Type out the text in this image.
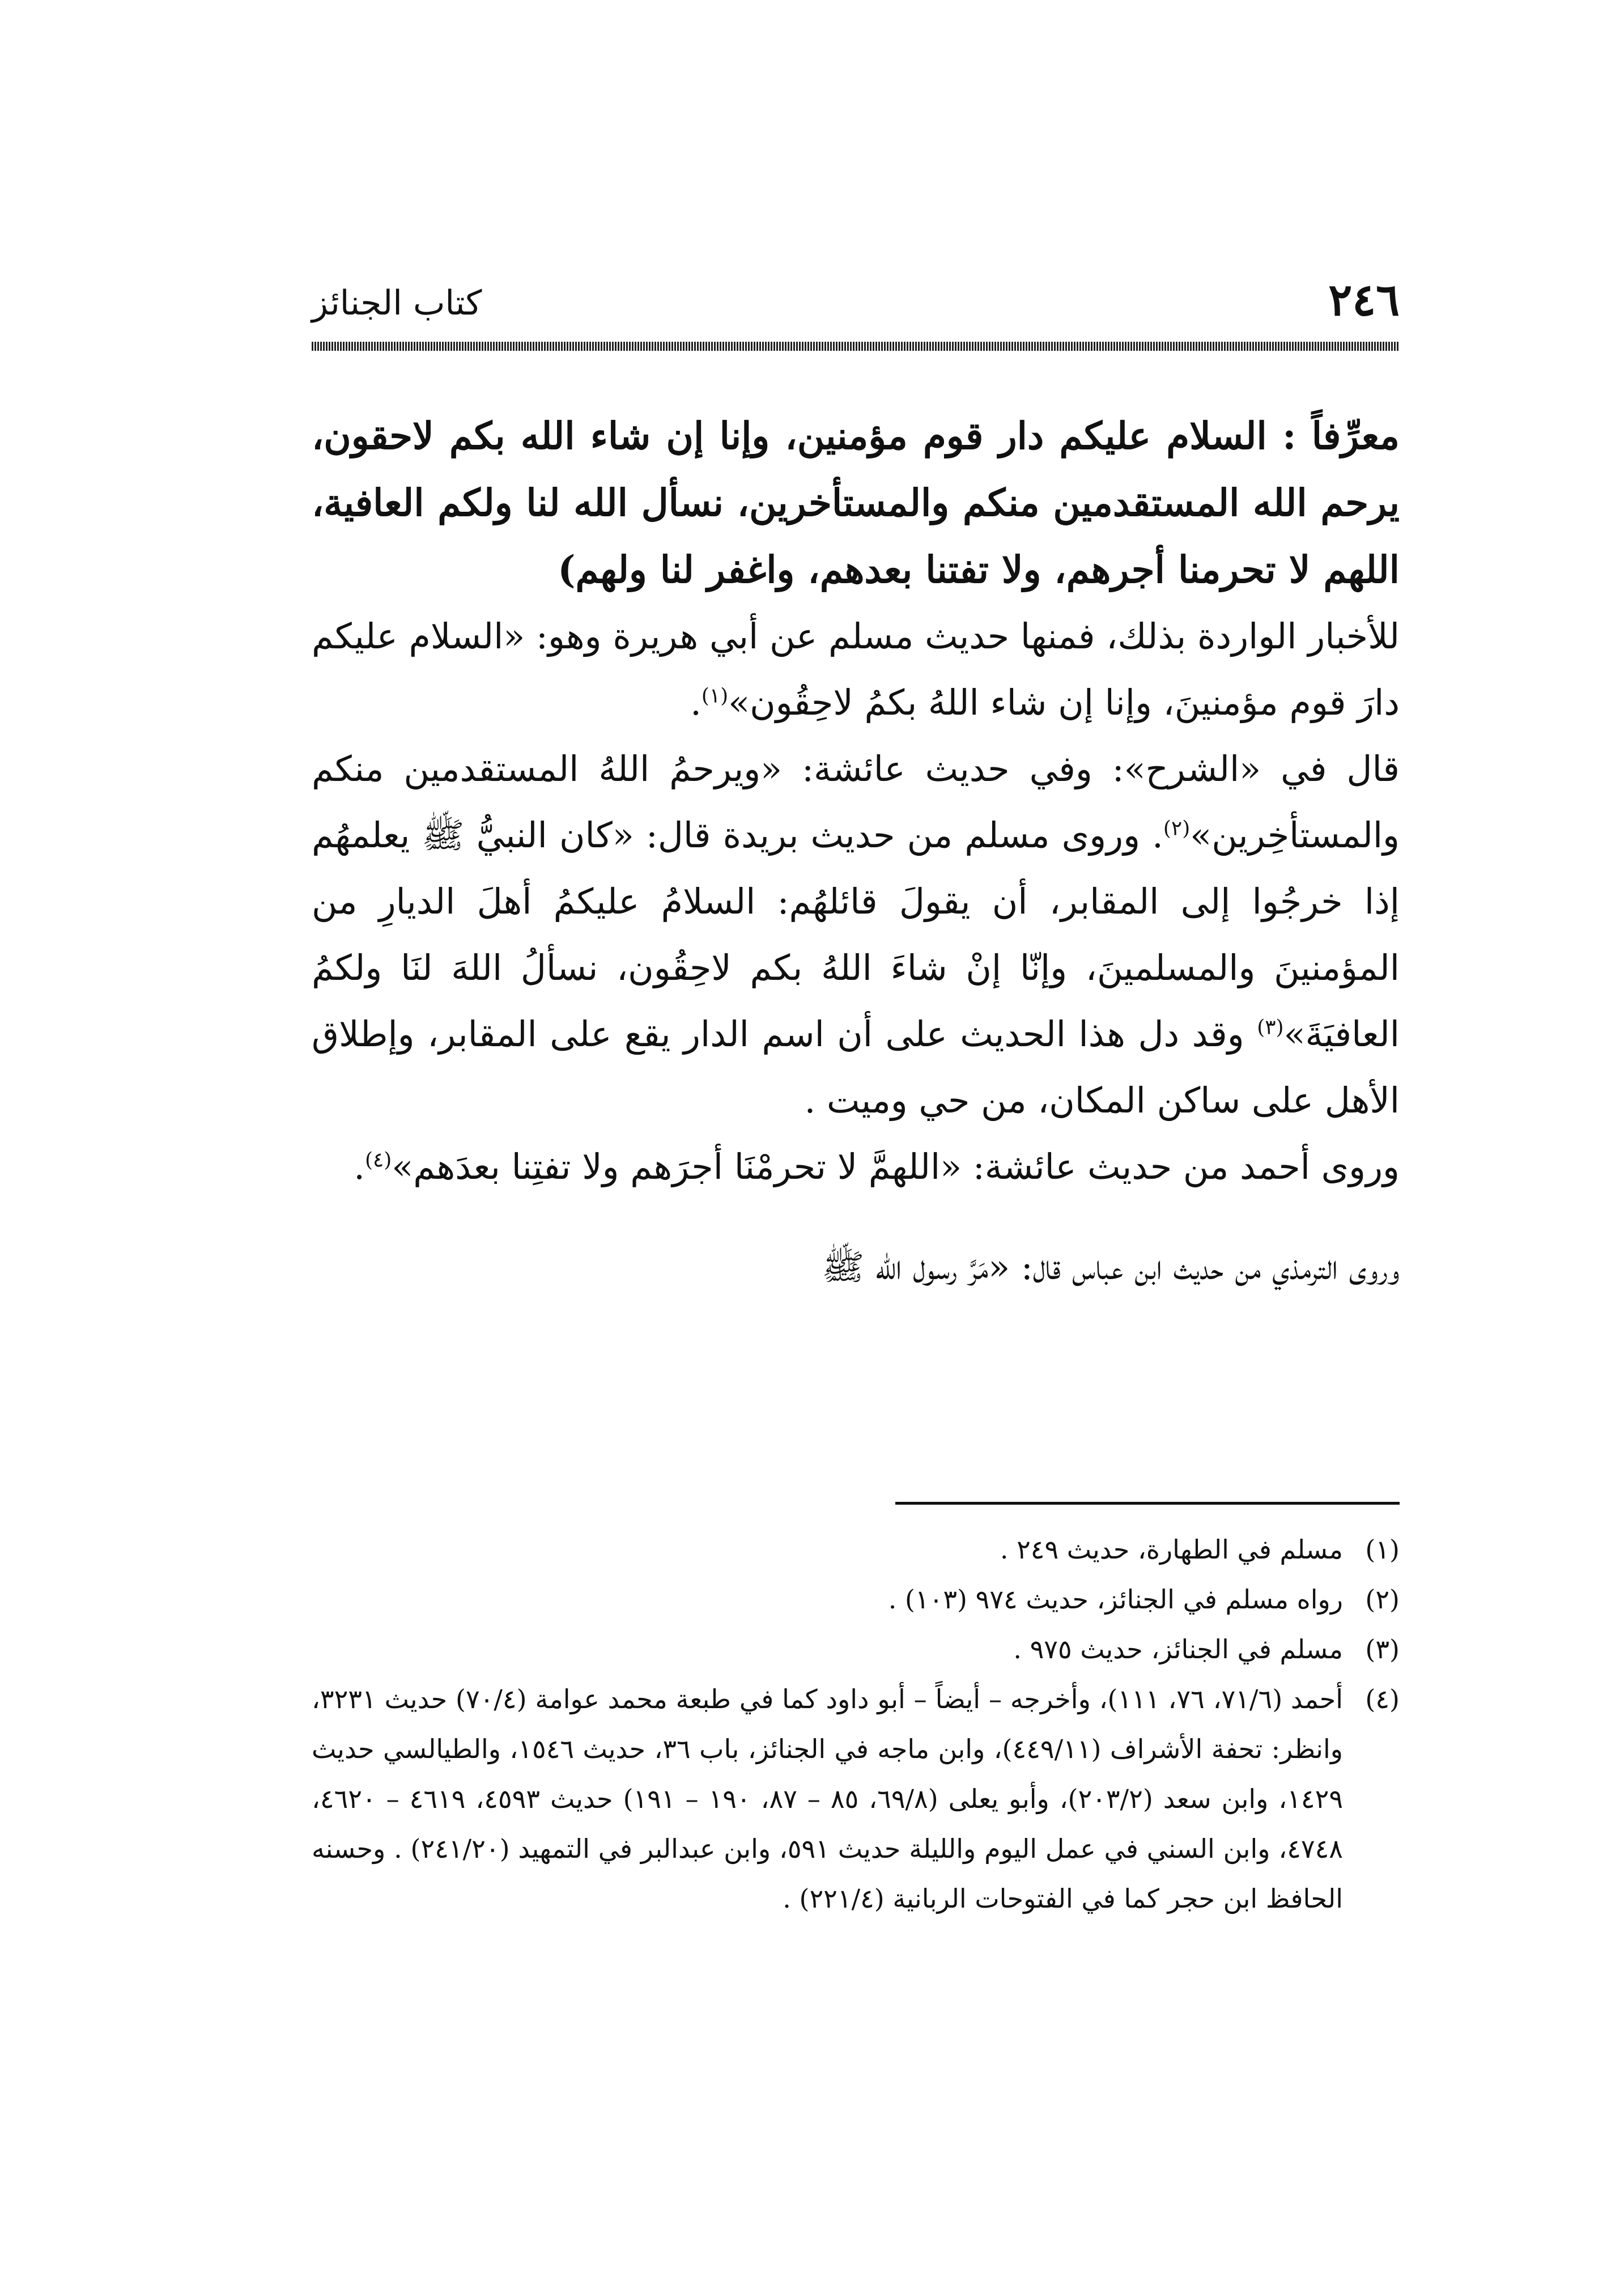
٢٤٦
كتاب الجنائز

معرِّفاً : السلام عليكم دار قوم مؤمنين، وإنا إن شاء الله بكم لاحقون، يرحم الله المستقدمين منكم والمستأخرين، نسأل الله لنا ولكم العافية، اللهم لا تحرمنا أجرهم، ولا تفتنا بعدهم، واغفر لنا ولهم)

للأخبار الواردة بذلك، فمنها حديث مسلم عن أبي هريرة وهو: «السلام عليكم دارَ قوم مؤمنينَ، وإنا إن شاء اللهُ بكمُ لاحِقُون»$^{(١)}$.

قال في «الشرح»: وفي حديث عائشة: «ويرحمُ اللهُ المستقدمين منكم والمستأخِرين»$^{(٢)}$. وروى مسلم من حديث بريدة قال: «كان النبيُّ ﷺ يعلمهُم إذا خرجُوا إلى المقابر، أن يقولَ قائلهُم: السلامُ عليكمُ أهلَ الديارِ من المؤمنينَ والمسلمينَ، وإنّا إنْ شاءَ اللهُ بكم لاحِقُون، نسألُ اللهَ لنَا ولكمُ العافيَةَ»$^{(٣)}$ وقد دل هذا الحديث على أن اسم الدار يقع على المقابر، وإطلاق الأهل على ساكن المكان، من حي وميت .

وروى أحمد من حديث عائشة: «اللهمَّ لا تحرمْنَا أجرَهم ولا تفتِنا بعدَهم»$^{(٤)}$.

وروى الترمذي من حديث ابن عباس قال: «مَرَّ رسول الله ﷺ

(١)
مسلم في الطهارة، حديث ٢٤٩ .
(٢)
رواه مسلم في الجنائز، حديث ٩٧٤ (١٠٣) .
(٣)
مسلم في الجنائز، حديث ٩٧٥ .
(٤)
أحمد (٧١/٦، ٧٦، ١١١)، وأخرجه – أيضاً – أبو داود كما في طبعة محمد عوامة (٧٠/٤) حديث ٣٢٣١، وانظر: تحفة الأشراف (٤٤٩/١١)، وابن ماجه في الجنائز، باب ٣٦، حديث ١٥٤٦، والطيالسي حديث ١٤٢٩، وابن سعد (٢٠٣/٢)، وأبو يعلى (٦٩/٨، ٨٥ – ٨٧، ١٩٠ – ١٩١) حديث ٤٥٩٣، ٤٦١٩ – ٤٦٢٠، ٤٧٤٨، وابن السني في عمل اليوم والليلة حديث ٥٩١، وابن عبدالبر في التمهيد (٢٤١/٢٠) . وحسنه الحافظ ابن حجر كما في الفتوحات الربانية (٢٢١/٤) .
